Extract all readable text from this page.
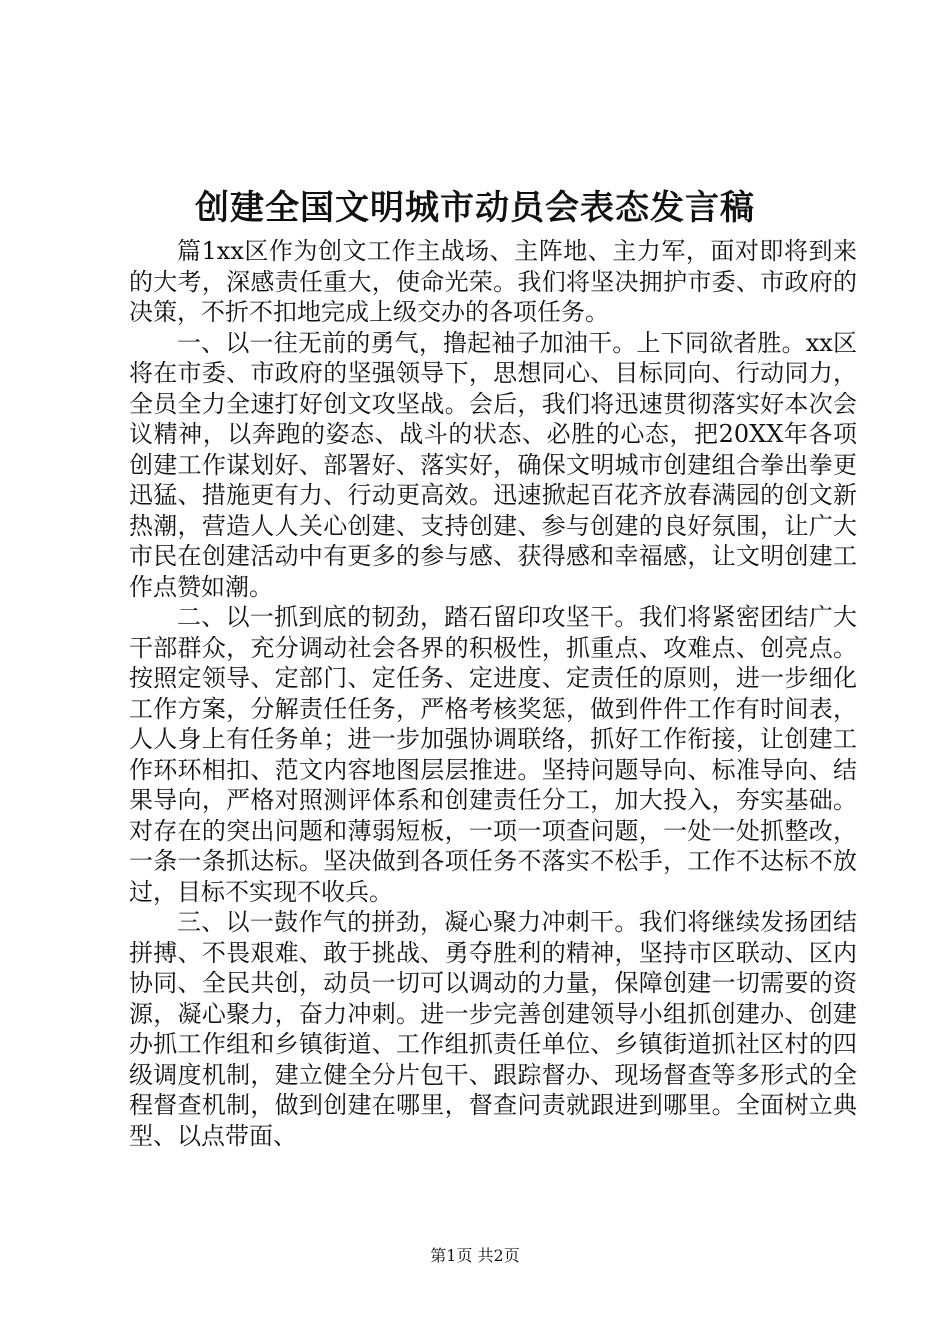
创建全国文明城市动员会表态发言稿

篇1xx区作为创文工作主战场、主阵地、主力军，面对即将到来的大考，深感责任重大，使命光荣。我们将坚决拥护市委、市政府的决策，不折不扣地完成上级交办的各项任务。

一、以一往无前的勇气，撸起袖子加油干。上下同欲者胜。xx区将在市委、市政府的坚强领导下，思想同心、目标同向、行动同力，全员全力全速打好创文攻坚战。会后，我们将迅速贯彻落实好本次会议精神，以奔跑的姿态、战斗的状态、必胜的心态，把20XX年各项创建工作谋划好、部署好、落实好，确保文明城市创建组合拳出拳更迅猛、措施更有力、行动更高效。迅速掀起百花齐放春满园的创文新热潮，营造人人关心创建、支持创建、参与创建的良好氛围，让广大市民在创建活动中有更多的参与感、获得感和幸福感，让文明创建工作点赞如潮。

二、以一抓到底的韧劲，踏石留印攻坚干。我们将紧密团结广大干部群众，充分调动社会各界的积极性，抓重点、攻难点、创亮点。按照定领导、定部门、定任务、定进度、定责任的原则，进一步细化工作方案，分解责任任务，严格考核奖惩，做到件件工作有时间表，人人身上有任务单；进一步加强协调联络，抓好工作衔接，让创建工作环环相扣、范文内容地图层层推进。坚持问题导向、标准导向、结果导向，严格对照测评体系和创建责任分工，加大投入，夯实基础。对存在的突出问题和薄弱短板，一项一项查问题，一处一处抓整改，一条一条抓达标。坚决做到各项任务不落实不松手，工作不达标不放过，目标不实现不收兵。

三、以一鼓作气的拼劲，凝心聚力冲刺干。我们将继续发扬团结拼搏、不畏艰难、敢于挑战、勇夺胜利的精神，坚持市区联动、区内协同、全民共创，动员一切可以调动的力量，保障创建一切需要的资源，凝心聚力，奋力冲刺。进一步完善创建领导小组抓创建办、创建办抓工作组和乡镇街道、工作组抓责任单位、乡镇街道抓社区村的四级调度机制，建立健全分片包干、跟踪督办、现场督查等多形式的全程督查机制，做到创建在哪里，督查问责就跟进到哪里。全面树立典型、以点带面、

第1页 共2页
